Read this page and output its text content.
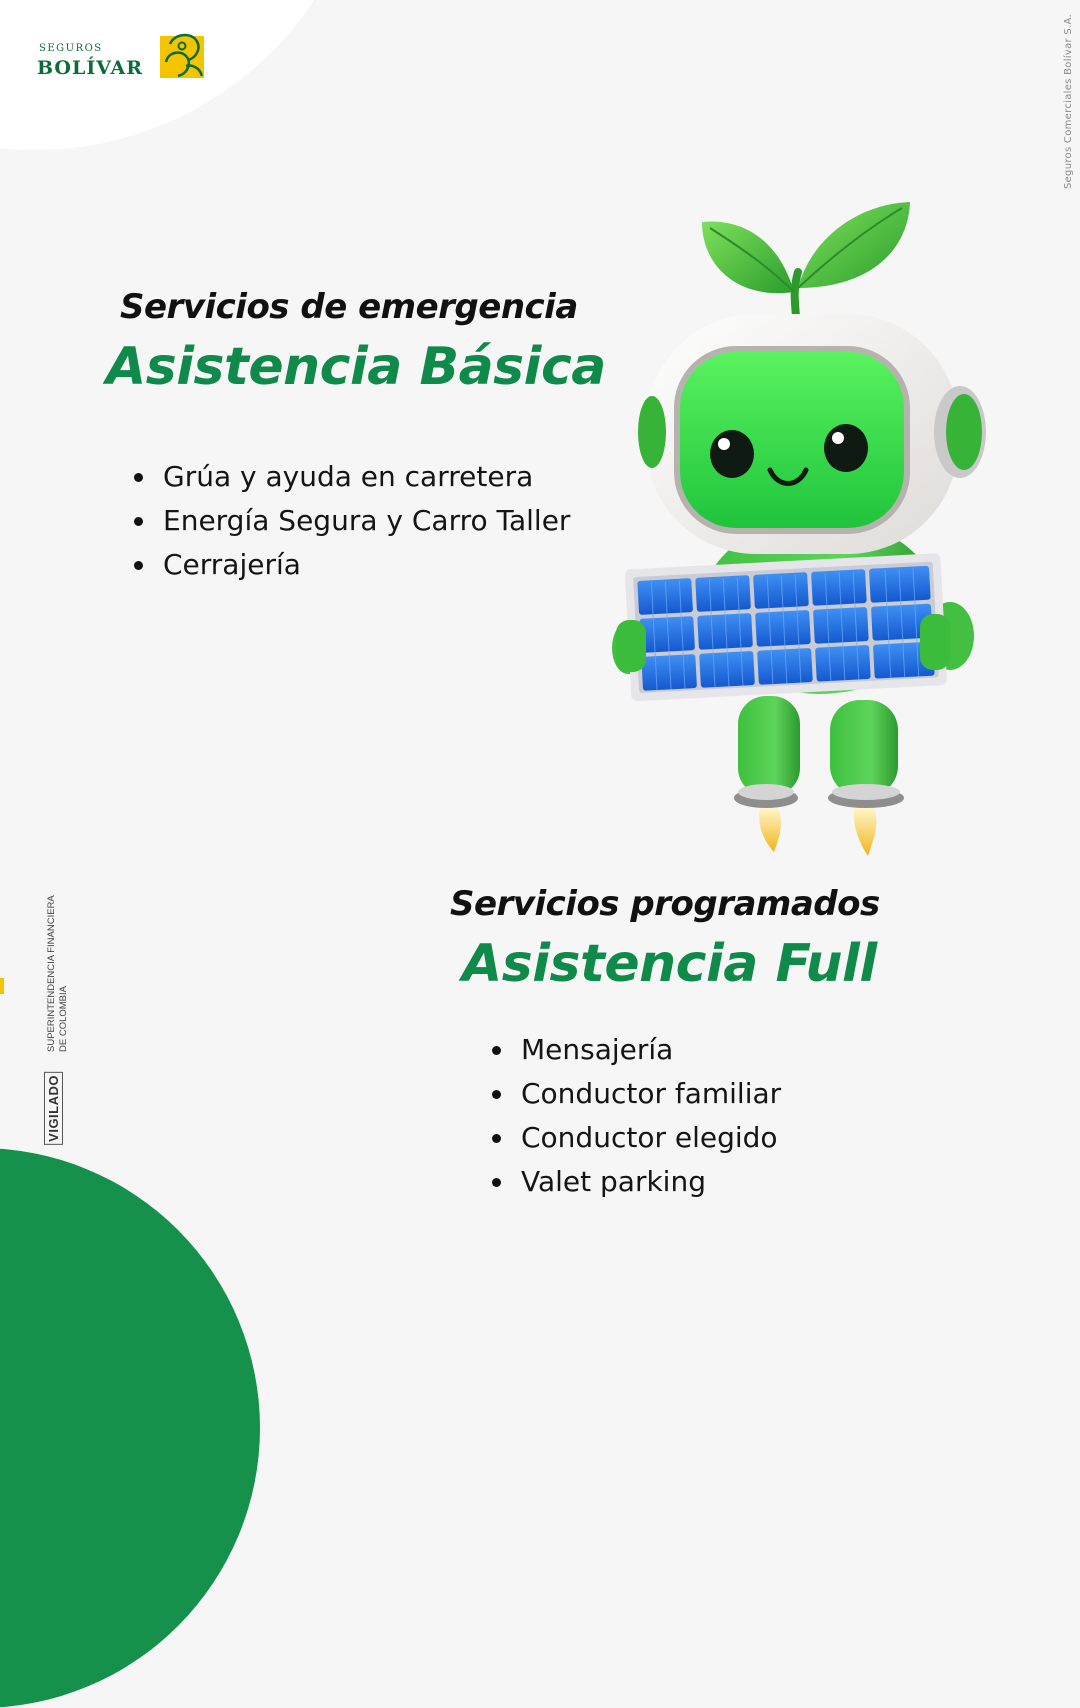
SEGUROS
BOLÍVAR	Seguros Comerciales Bolívar S.A.
SUPERINTENDENCIA FINANCIERA DE COLOMBIA
VIGILADO

Servicios de emergencia

Asistencia Básica

Grúa y ayuda en carretera
Energía Segura y Carro Taller
Cerrajería

Servicios programados

Asistencia Full

Mensajería
Conductor familiar
Conductor elegido
Valet parking
